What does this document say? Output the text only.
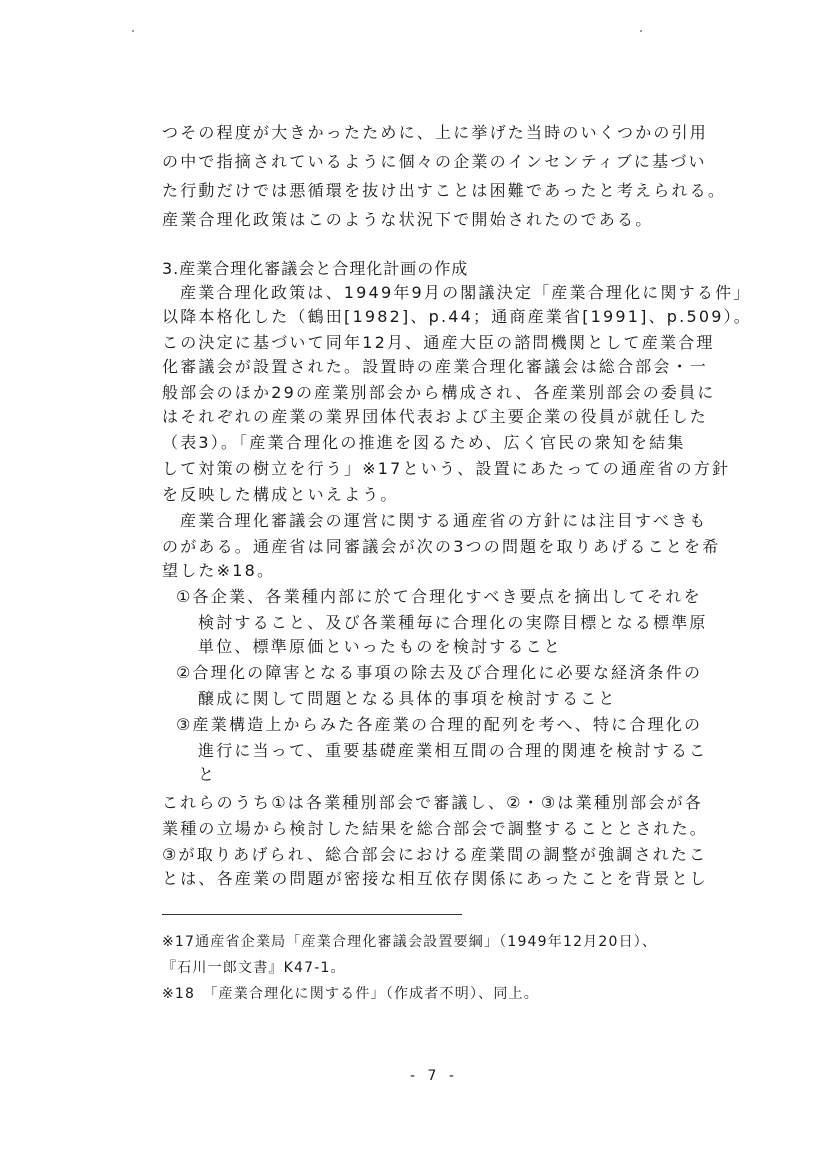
つその程度が大きかったために、上に挙げた当時のいくつかの引用
の中で指摘されているように個々の企業のインセンティブに基づい
た行動だけでは悪循環を抜け出すことは困難であったと考えられる。
産業合理化政策はこのような状況下で開始されたのである。
3.産業合理化審議会と合理化計画の作成
産業合理化政策は、1949年9月の閣議決定「産業合理化に関する件」
以降本格化した（鶴田[1982]、p.44；通商産業省[1991]、p.509）。
この決定に基づいて同年12月、通産大臣の諮問機関として産業合理
化審議会が設置された。設置時の産業合理化審議会は総合部会・一
般部会のほか29の産業別部会から構成され、各産業別部会の委員に
はそれぞれの産業の業界団体代表および主要企業の役員が就任した
（表3）。「産業合理化の推進を図るため、広く官民の衆知を結集
して対策の樹立を行う」※17という、設置にあたっての通産省の方針
を反映した構成といえよう。
産業合理化審議会の運営に関する通産省の方針には注目すべきも
のがある。通産省は同審議会が次の3つの問題を取りあげることを希
望した※18。
①各企業、各業種内部に於て合理化すべき要点を摘出してそれを
検討すること、及び各業種毎に合理化の実際目標となる標準原
単位、標準原価といったものを検討すること
②合理化の障害となる事項の除去及び合理化に必要な経済条件の
醸成に関して問題となる具体的事項を検討すること
③産業構造上からみた各産業の合理的配列を考へ、特に合理化の
進行に当って、重要基礎産業相互間の合理的関連を検討するこ
と
これらのうち①は各業種別部会で審議し、②・③は業種別部会が各
業種の立場から検討した結果を総合部会で調整することとされた。
③が取りあげられ、総合部会における産業間の調整が強調されたこ
とは、各産業の問題が密接な相互依存関係にあったことを背景とし
※17通産省企業局「産業合理化審議会設置要綱」（1949年12月20日）、
『石川一郎文書』K47-1。
※18　「産業合理化に関する件」（作成者不明）、同上。
- 7 -
